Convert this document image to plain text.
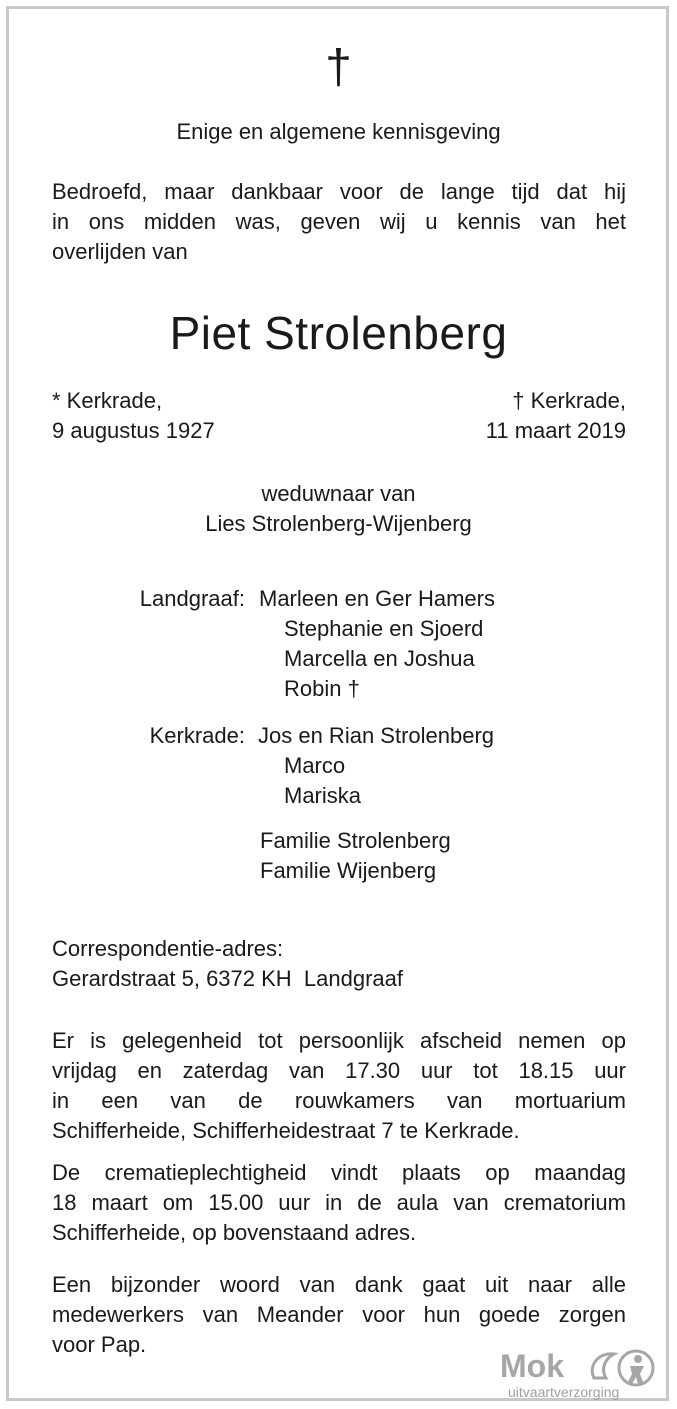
†
Enige en algemene kennisgeving
Bedroefd, maar dankbaar voor de lange tijd dat hij
in ons midden was, geven wij u kennis van het
overlijden van
Piet Strolenberg
* Kerkrade,
9 augustus 1927
† Kerkrade,
11 maart 2019
weduwnaar van
Lies Strolenberg-Wijenberg
Landgraaf: Marleen en Ger Hamers
Stephanie en Sjoerd
Marcella en Joshua
Robin †
Kerkrade: Jos en Rian Strolenberg
Marco
Mariska
Familie Strolenberg
Familie Wijenberg
Correspondentie-adres:
Gerardstraat 5, 6372 KH  Landgraaf
Er is gelegenheid tot persoonlijk afscheid nemen op
vrijdag en zaterdag van 17.30 uur tot 18.15 uur
in een van de rouwkamers van mortuarium
Schifferheide, Schifferheidestraat 7 te Kerkrade.
De crematieplechtigheid vindt plaats op maandag
18 maart om 15.00 uur in de aula van crematorium
Schifferheide, op bovenstaand adres.
Een bijzonder woord van dank gaat uit naar alle
medewerkers van Meander voor hun goede zorgen
voor Pap.
Mok
uitvaartverzorging
